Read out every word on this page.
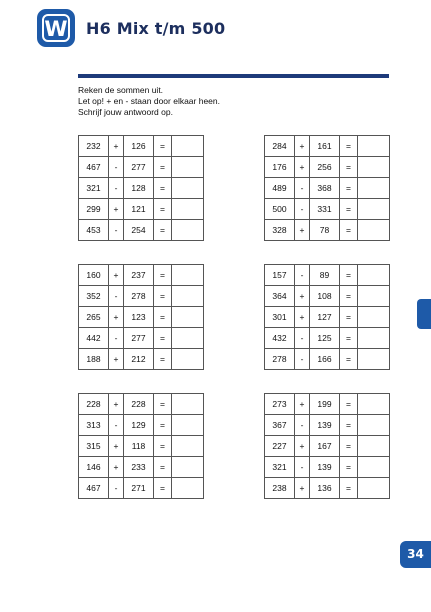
W H6 Mix t/m 500
Reken de sommen uit.
Let op! + en - staan door elkaar heen.
Schrijf jouw antwoord op.
232	+	126	=	
467	-	277	=	
321	-	128	=	
299	+	121	=	
453	-	254	=	
284	+	161	=	
176	+	256	=	
489	-	368	=	
500	-	331	=	
328	+	78	=	
160	+	237	=	
352	-	278	=	
265	+	123	=	
442	-	277	=	
188	+	212	=	
157	-	89	=	
364	+	108	=	
301	+	127	=	
432	-	125	=	
278	-	166	=	
228	+	228	=	
313	-	129	=	
315	+	118	=	
146	+	233	=	
467	-	271	=	
273	+	199	=	
367	-	139	=	
227	+	167	=	
321	-	139	=	
238	+	136	=	
34
